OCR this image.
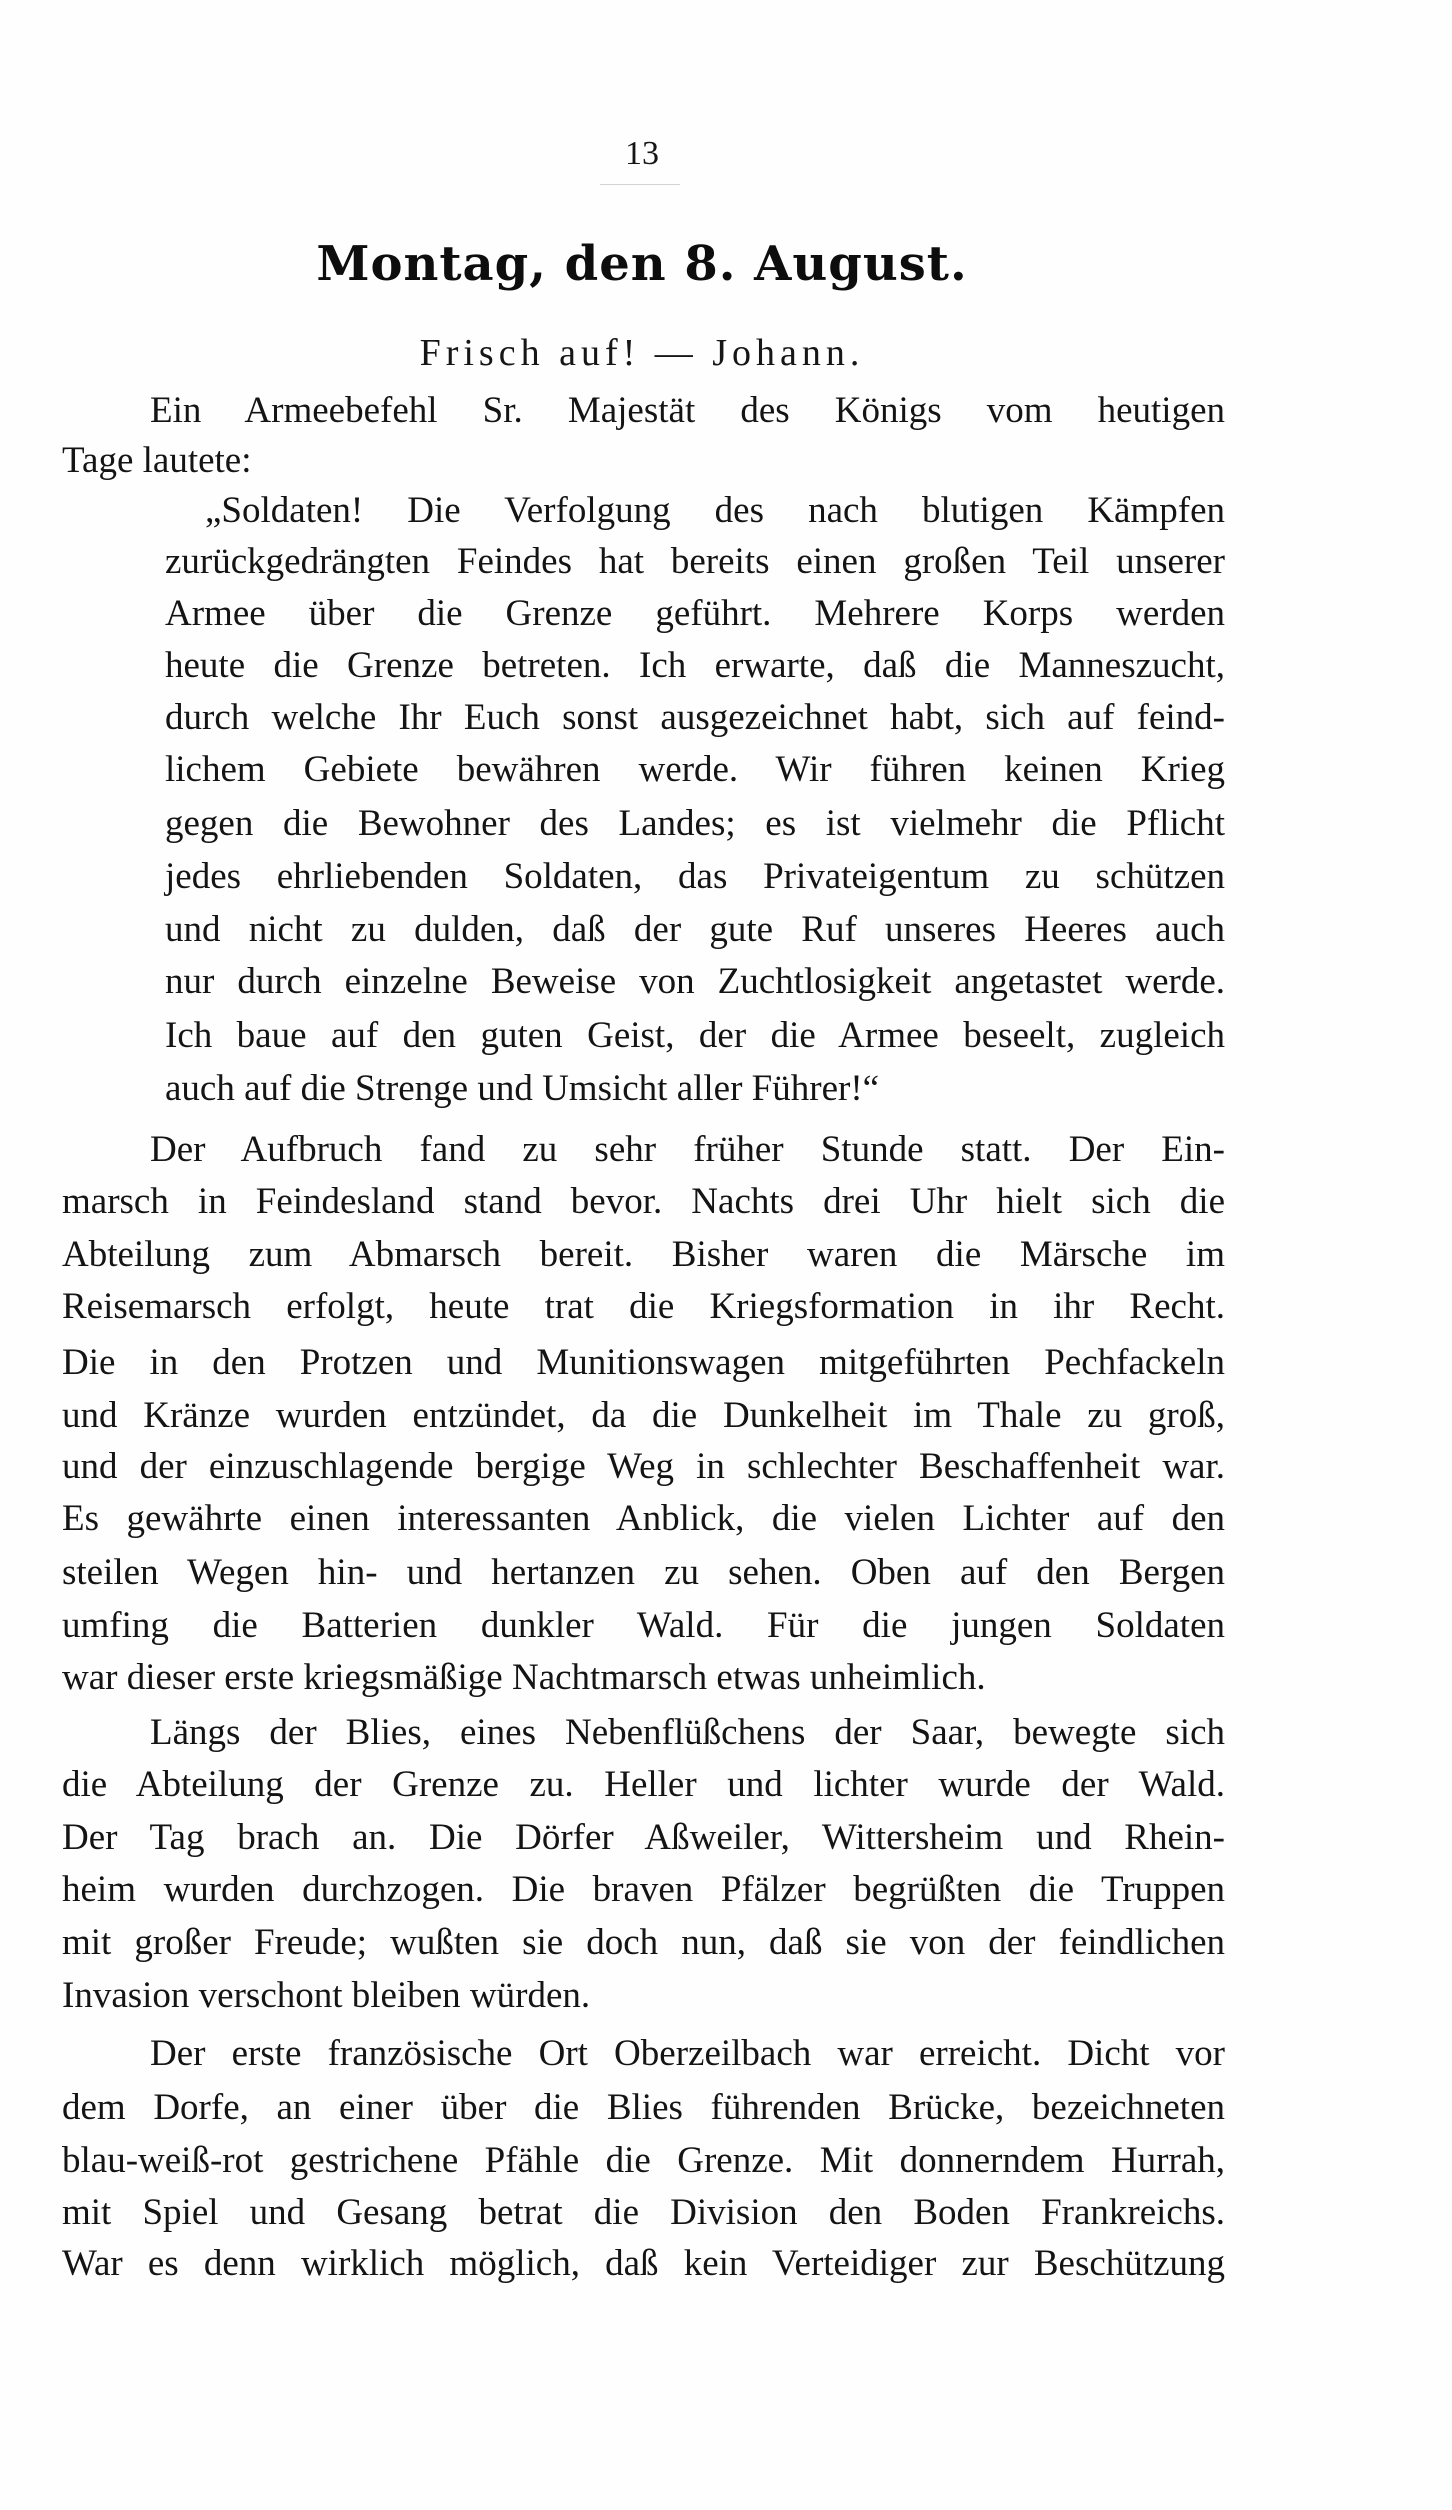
13
Montag, den 8. August.
Frisch auf! — Johann.
Ein Armeebefehl Sr. Majestät des Königs vom heutigen
Tage lautete:
„Soldaten! Die Verfolgung des nach blutigen Kämpfen
zurückgedrängten Feindes hat bereits einen großen Teil unserer
Armee über die Grenze geführt. Mehrere Korps werden
heute die Grenze betreten. Ich erwarte, daß die Manneszucht,
durch welche Ihr Euch sonst ausgezeichnet habt, sich auf feind-
lichem Gebiete bewähren werde. Wir führen keinen Krieg
gegen die Bewohner des Landes; es ist vielmehr die Pflicht
jedes ehrliebenden Soldaten, das Privateigentum zu schützen
und nicht zu dulden, daß der gute Ruf unseres Heeres auch
nur durch einzelne Beweise von Zuchtlosigkeit angetastet werde.
Ich baue auf den guten Geist, der die Armee beseelt, zugleich
auch auf die Strenge und Umsicht aller Führer!“
Der Aufbruch fand zu sehr früher Stunde statt. Der Ein-
marsch in Feindesland stand bevor. Nachts drei Uhr hielt sich die
Abteilung zum Abmarsch bereit. Bisher waren die Märsche im
Reisemarsch erfolgt, heute trat die Kriegsformation in ihr Recht.
Die in den Protzen und Munitionswagen mitgeführten Pechfackeln
und Kränze wurden entzündet, da die Dunkelheit im Thale zu groß,
und der einzuschlagende bergige Weg in schlechter Beschaffenheit war.
Es gewährte einen interessanten Anblick, die vielen Lichter auf den
steilen Wegen hin- und hertanzen zu sehen. Oben auf den Bergen
umfing die Batterien dunkler Wald. Für die jungen Soldaten
war dieser erste kriegsmäßige Nachtmarsch etwas unheimlich.
Längs der Blies, eines Nebenflüßchens der Saar, bewegte sich
die Abteilung der Grenze zu. Heller und lichter wurde der Wald.
Der Tag brach an. Die Dörfer Aßweiler, Wittersheim und Rhein-
heim wurden durchzogen. Die braven Pfälzer begrüßten die Truppen
mit großer Freude; wußten sie doch nun, daß sie von der feindlichen
Invasion verschont bleiben würden.
Der erste französische Ort Oberzeilbach war erreicht. Dicht vor
dem Dorfe, an einer über die Blies führenden Brücke, bezeichneten
blau-weiß-rot gestrichene Pfähle die Grenze. Mit donnerndem Hurrah,
mit Spiel und Gesang betrat die Division den Boden Frankreichs.
War es denn wirklich möglich, daß kein Verteidiger zur Beschützung
